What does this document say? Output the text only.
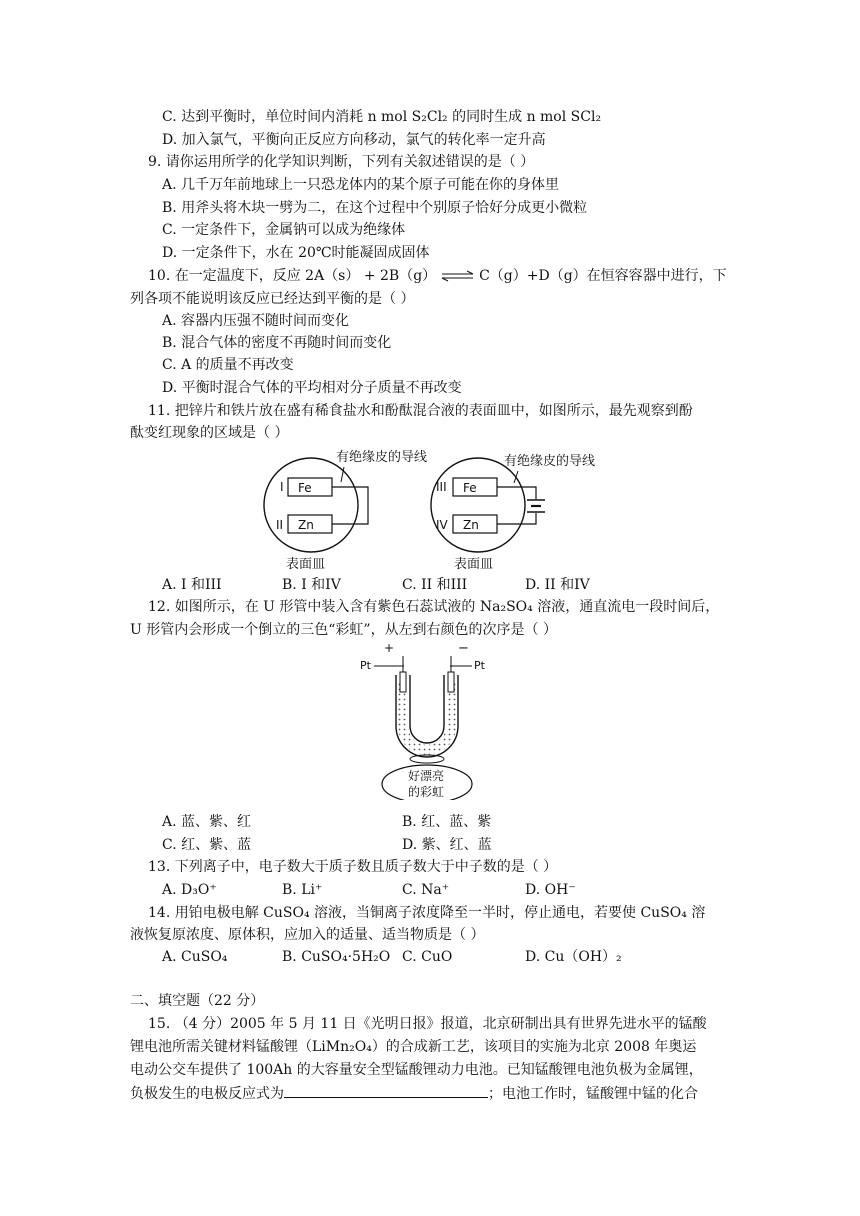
C. 达到平衡时，单位时间内消耗 n mol S₂Cl₂ 的同时生成 n mol SCl₂
D. 加入氯气，平衡向正反应方向移动，氯气的转化率一定升高
9. 请你运用所学的化学知识判断，下列有关叙述错误的是（ ）
A. 几千万年前地球上一只恐龙体内的某个原子可能在你的身体里
B. 用斧头将木块一劈为二，在这个过程中个别原子恰好分成更小微粒
C. 一定条件下，金属钠可以成为绝缘体
D. 一定条件下，水在 20℃时能凝固成固体
10. 在一定温度下，反应 2A（s） + 2B（g） ⇌ C（g）+D（g）在恒容容器中进行，下
列各项不能说明该反应已经达到平衡的是（ ）
A. 容器内压强不随时间而变化
B. 混合气体的密度不再随时间而变化
C. A 的质量不再改变
D. 平衡时混合气体的平均相对分子质量不再改变
11. 把锌片和铁片放在盛有稀食盐水和酚酞混合液的表面皿中，如图所示，最先观察到酚
酞变红现象的区域是（ ）
有绝缘皮的导线
I Fe
II Zn
表面皿
有绝缘皮的导线
III Fe
IV Zn
表面皿
A. I 和III	B. I 和IV	C. II 和III	D. II 和IV
12. 如图所示，在 U 形管中装入含有紫色石蕊试液的 Na₂SO₄ 溶液，通直流电一段时间后，
U 形管内会形成一个倒立的三色“彩虹”，从左到右颜色的次序是（ ）
+	−
Pt	Pt
好漂亮
的彩虹
A. 蓝、紫、红	B. 红、蓝、紫
C. 红、紫、蓝	D. 紫、红、蓝
13. 下列离子中，电子数大于质子数且质子数大于中子数的是（ ）
A. D₃O⁺	B. Li⁺	C. Na⁺	D. OH⁻
14. 用铂电极电解 CuSO₄ 溶液，当铜离子浓度降至一半时，停止通电，若要使 CuSO₄ 溶
液恢复原浓度、原体积，应加入的适量、适当物质是（ ）
A. CuSO₄	B. CuSO₄·5H₂O C. CuO	D. Cu（OH）₂
二、填空题（22 分）
15. （4 分）2005 年 5 月 11 日《光明日报》报道，北京研制出具有世界先进水平的锰酸
锂电池所需关键材料锰酸锂（LiMn₂O₄）的合成新工艺，该项目的实施为北京 2008 年奥运
电动公交车提供了 100Ah 的大容量安全型锰酸锂动力电池。已知锰酸锂电池负极为金属锂，
负极发生的电极反应式为	；电池工作时，锰酸锂中锰的化合
